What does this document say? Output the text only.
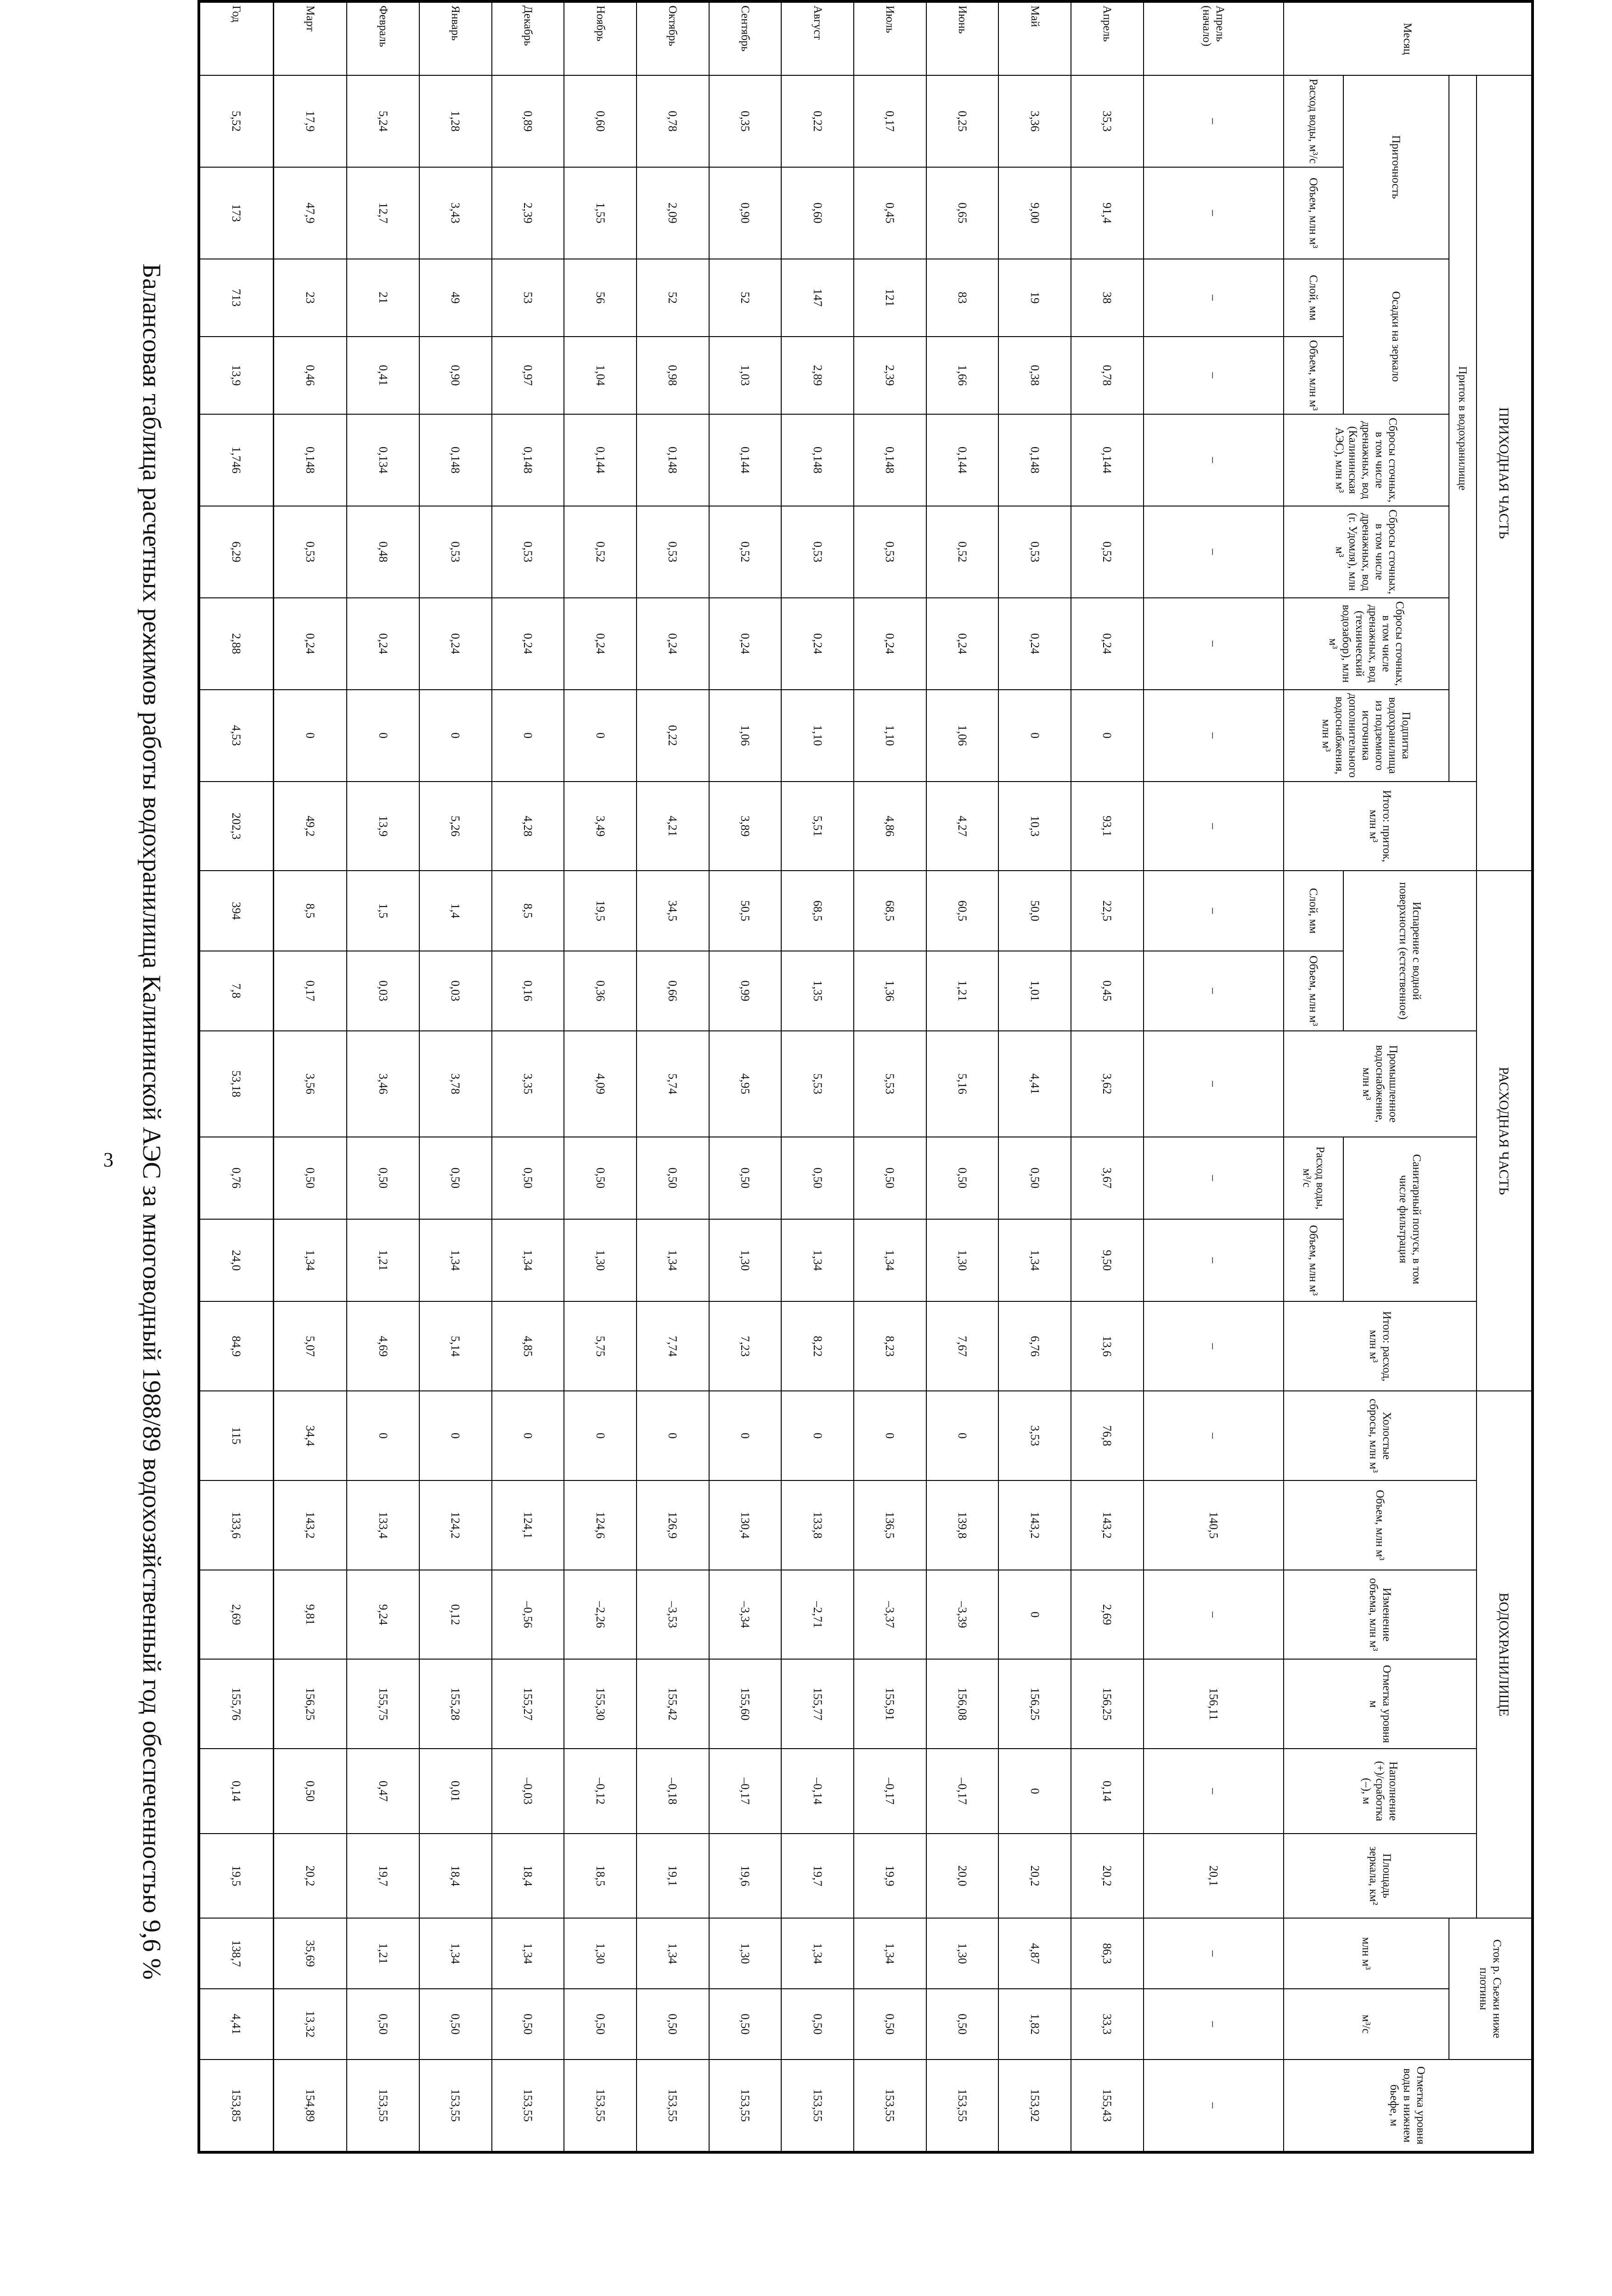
3 Балансовая таблица расчетных режимов работы водохранилища Калининской АЭС за многоводный 1988/89 водохозяйственный год обеспеченностью 9,6 %
Месяц	ПРИХОДНАЯ ЧАСТЬ									РАСХОДНАЯ ЧАСТЬ						ВОДОХРАНИЛИЩЕ						Сток р. Съежи ниже плотины		Отметка уровня воды в нижнем бьефе, м
	Приток в водохранилище								Итого: приток, млн м³	Испарение с водной поверхности (естественное)		Промышленное водоснабжение, млн м³	Санитарный попуск, в том числе фильтрация		Итого: расход, млн м³	Холостые сбросы, млн м³	Объем, млн м³	Изменение объема, млн м³	Отметка уровня м	Наполнение (+)/сработка (–), м	Площадь зеркала, км²			
	Приточность		Осадки на зеркало		Сбросы сточных, в том числе дренажных, вод (Калининская АЭС), млн м³	Сбросы сточных, в том числе дренажных, вод (г. Удомля), млн м³	Сбросы сточных, в том числе дренажных, вод (технический водозабор), млн м³	Подпитка водохранилища из подземного источника дополнительного водоснабжения, млн м³														млн м³	м³/с	
	Расход воды, м³/с	Объем, млн м³	Слой, мм	Объем, млн м³						Слой, мм	Объем, млн м³		Расход воды, м³/с	Объем, млн м³										
Апрель (начало)	–	–	–	–	–	–	–	–	–	–	–	–	–	–	–	–	140,5	–	156,11	–	20,1	–	–	–
Апрель	35,3	91,4	38	0,78	0,144	0,52	0,24	0	93,1	22,5	0,45	3,62	3,67	9,50	13,6	76,8	143,2	2,69	156,25	0,14	20,2	86,3	33,3	155,43
Май	3,36	9,00	19	0,38	0,148	0,53	0,24	0	10,3	50,0	1,01	4,41	0,50	1,34	6,76	3,53	143,2	0	156,25	0	20,2	4,87	1,82	153,92
Июнь	0,25	0,65	83	1,66	0,144	0,52	0,24	1,06	4,27	60,5	1,21	5,16	0,50	1,30	7,67	0	139,8	–3,39	156,08	–0,17	20,0	1,30	0,50	153,55
Июль	0,17	0,45	121	2,39	0,148	0,53	0,24	1,10	4,86	68,5	1,36	5,53	0,50	1,34	8,23	0	136,5	–3,37	155,91	–0,17	19,9	1,34	0,50	153,55
Август	0,22	0,60	147	2,89	0,148	0,53	0,24	1,10	5,51	68,5	1,35	5,53	0,50	1,34	8,22	0	133,8	–2,71	155,77	–0,14	19,7	1,34	0,50	153,55
Сентябрь	0,35	0,90	52	1,03	0,144	0,52	0,24	1,06	3,89	50,5	0,99	4,95	0,50	1,30	7,23	0	130,4	–3,34	155,60	–0,17	19,6	1,30	0,50	153,55
Октябрь	0,78	2,09	52	0,98	0,148	0,53	0,24	0,22	4,21	34,5	0,66	5,74	0,50	1,34	7,74	0	126,9	–3,53	155,42	–0,18	19,1	1,34	0,50	153,55
Ноябрь	0,60	1,55	56	1,04	0,144	0,52	0,24	0	3,49	19,5	0,36	4,09	0,50	1,30	5,75	0	124,6	–2,26	155,30	–0,12	18,5	1,30	0,50	153,55
Декабрь	0,89	2,39	53	0,97	0,148	0,53	0,24	0	4,28	8,5	0,16	3,35	0,50	1,34	4,85	0	124,1	–0,56	155,27	–0,03	18,4	1,34	0,50	153,55
Январь	1,28	3,43	49	0,90	0,148	0,53	0,24	0	5,26	1,4	0,03	3,78	0,50	1,34	5,14	0	124,2	0,12	155,28	0,01	18,4	1,34	0,50	153,55
Февраль	5,24	12,7	21	0,41	0,134	0,48	0,24	0	13,9	1,5	0,03	3,46	0,50	1,21	4,69	0	133,4	9,24	155,75	0,47	19,7	1,21	0,50	153,55
Март	17,9	47,9	23	0,46	0,148	0,53	0,24	0	49,2	8,5	0,17	3,56	0,50	1,34	5,07	34,4	143,2	9,81	156,25	0,50	20,2	35,69	13,32	154,89
Год	5,52	173	713	13,9	1,746	6,29	2,88	4,53	202,3	394	7,8	53,18	0,76	24,0	84,9	115	133,6	2,69	155,76	0,14	19,5	138,7	4,41	153,85
